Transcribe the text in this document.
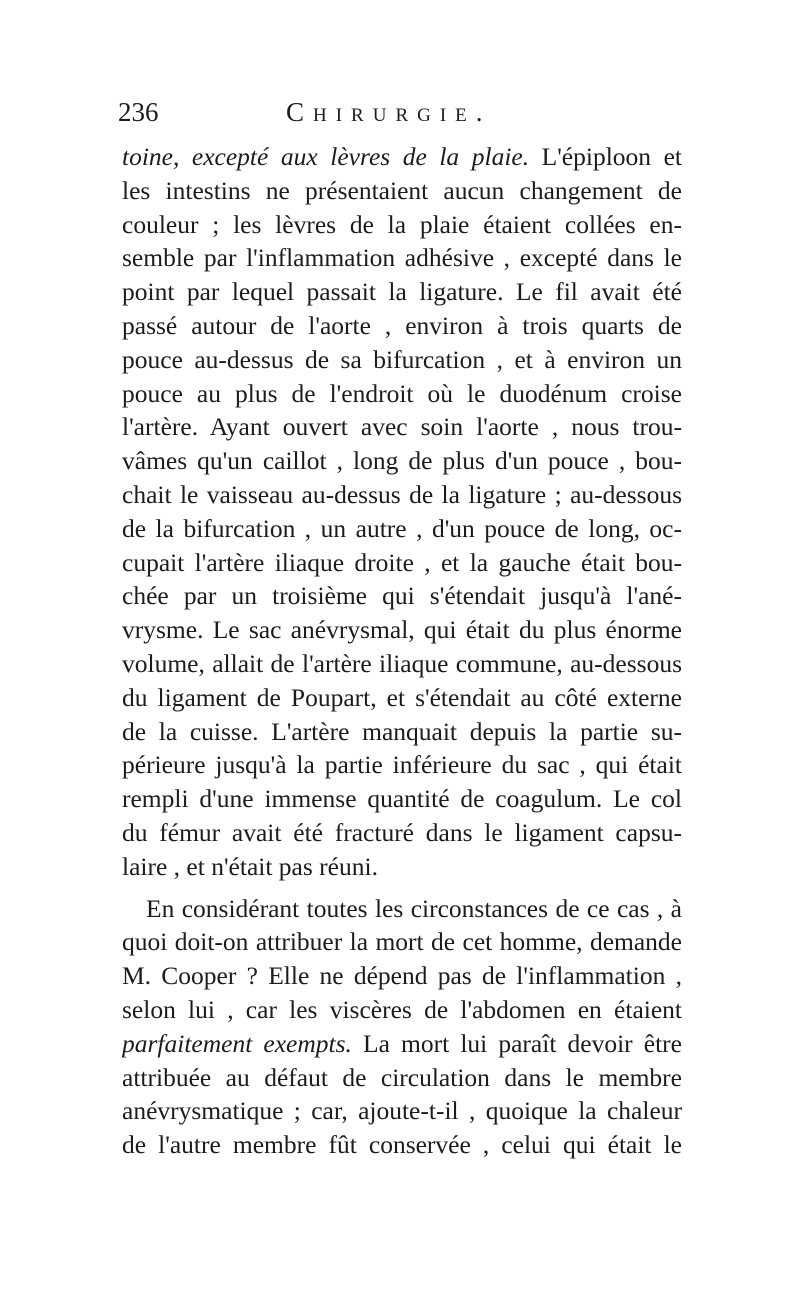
236	Chirurgie.
toine, excepté aux lèvres de la plaie. L'épiploon et
les intestins ne présentaient aucun changement de
couleur ; les lèvres de la plaie étaient collées en-
semble par l'inflammation adhésive , excepté dans le
point par lequel passait la ligature. Le fil avait été
passé autour de l'aorte , environ à trois quarts de
pouce au-dessus de sa bifurcation , et à environ un
pouce au plus de l'endroit où le duodénum croise
l'artère. Ayant ouvert avec soin l'aorte , nous trou-
vâmes qu'un caillot , long de plus d'un pouce , bou-
chait le vaisseau au-dessus de la ligature ; au-dessous
de la bifurcation , un autre , d'un pouce de long, oc-
cupait l'artère iliaque droite , et la gauche était bou-
chée par un troisième qui s'étendait jusqu'à l'ané-
vrysme. Le sac anévrysmal, qui était du plus énorme
volume, allait de l'artère iliaque commune, au-dessous
du ligament de Poupart, et s'étendait au côté externe
de la cuisse. L'artère manquait depuis la partie su-
périeure jusqu'à la partie inférieure du sac , qui était
rempli d'une immense quantité de coagulum. Le col
du fémur avait été fracturé dans le ligament capsu-
laire , et n'était pas réuni.
En considérant toutes les circonstances de ce cas , à
quoi doit-on attribuer la mort de cet homme, demande
M. Cooper ? Elle ne dépend pas de l'inflammation ,
selon lui , car les viscères de l'abdomen en étaient
parfaitement exempts. La mort lui paraît devoir être
attribuée au défaut de circulation dans le membre
anévrysmatique ; car, ajoute-t-il , quoique la chaleur
de l'autre membre fût conservée , celui qui était le
